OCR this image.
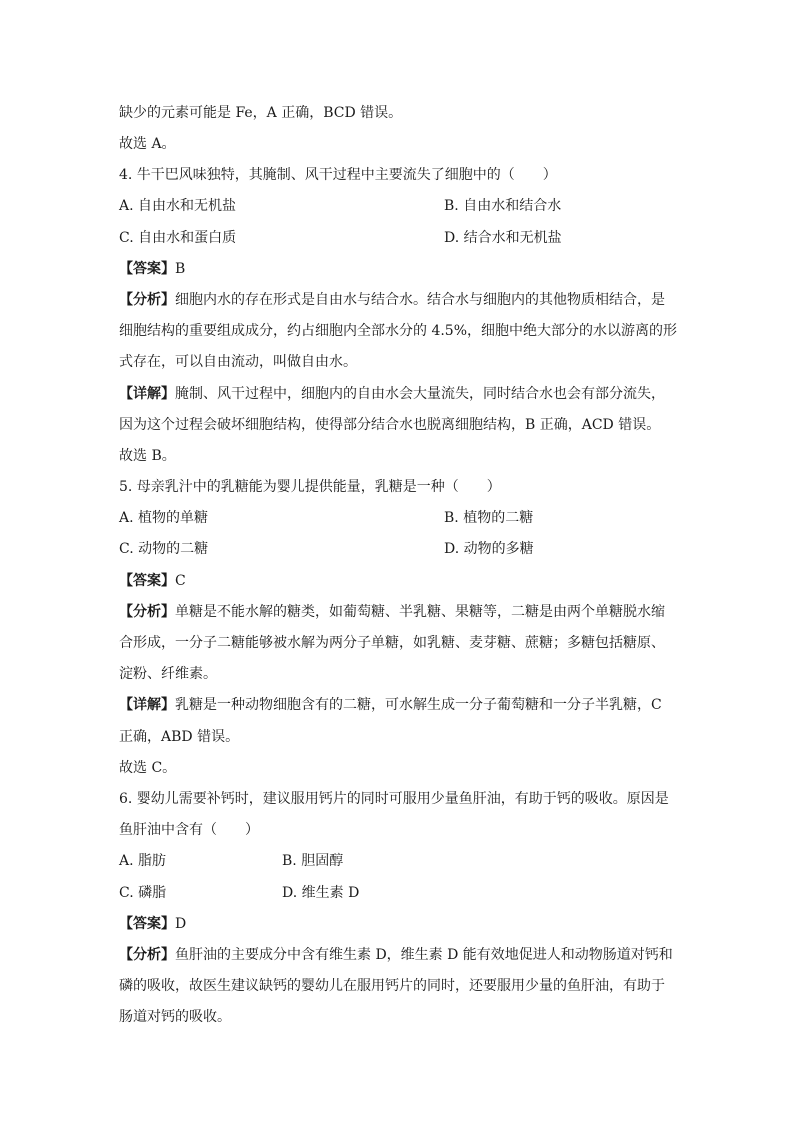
缺少的元素可能是 Fe，A 正确，BCD 错误。
故选 A。
4. 牛干巴风味独特，其腌制、风干过程中主要流失了细胞中的（　　）
A. 自由水和无机盐	B. 自由水和结合水
C. 自由水和蛋白质	D. 结合水和无机盐
【答案】B
【分析】细胞内水的存在形式是自由水与结合水。结合水与细胞内的其他物质相结合，是
细胞结构的重要组成成分，约占细胞内全部水分的 4.5%，细胞中绝大部分的水以游离的形
式存在，可以自由流动，叫做自由水。
【详解】腌制、风干过程中，细胞内的自由水会大量流失，同时结合水也会有部分流失，
因为这个过程会破坏细胞结构，使得部分结合水也脱离细胞结构，B 正确，ACD 错误。
故选 B。
5. 母亲乳汁中的乳糖能为婴儿提供能量，乳糖是一种（　　）
A. 植物的单糖	B. 植物的二糖
C. 动物的二糖	D. 动物的多糖
【答案】C
【分析】单糖是不能水解的糖类，如葡萄糖、半乳糖、果糖等，二糖是由两个单糖脱水缩
合形成，一分子二糖能够被水解为两分子单糖，如乳糖、麦芽糖、蔗糖；多糖包括糖原、
淀粉、纤维素。
【详解】乳糖是一种动物细胞含有的二糖，可水解生成一分子葡萄糖和一分子半乳糖，C
正确，ABD 错误。
故选 C。
6. 婴幼儿需要补钙时，建议服用钙片的同时可服用少量鱼肝油，有助于钙的吸收。原因是
鱼肝油中含有（　　）
A. 脂肪	B. 胆固醇
C. 磷脂	D. 维生素 D
【答案】D
【分析】鱼肝油的主要成分中含有维生素 D，维生素 D 能有效地促进人和动物肠道对钙和
磷的吸收，故医生建议缺钙的婴幼儿在服用钙片的同时，还要服用少量的鱼肝油，有助于
肠道对钙的吸收。
